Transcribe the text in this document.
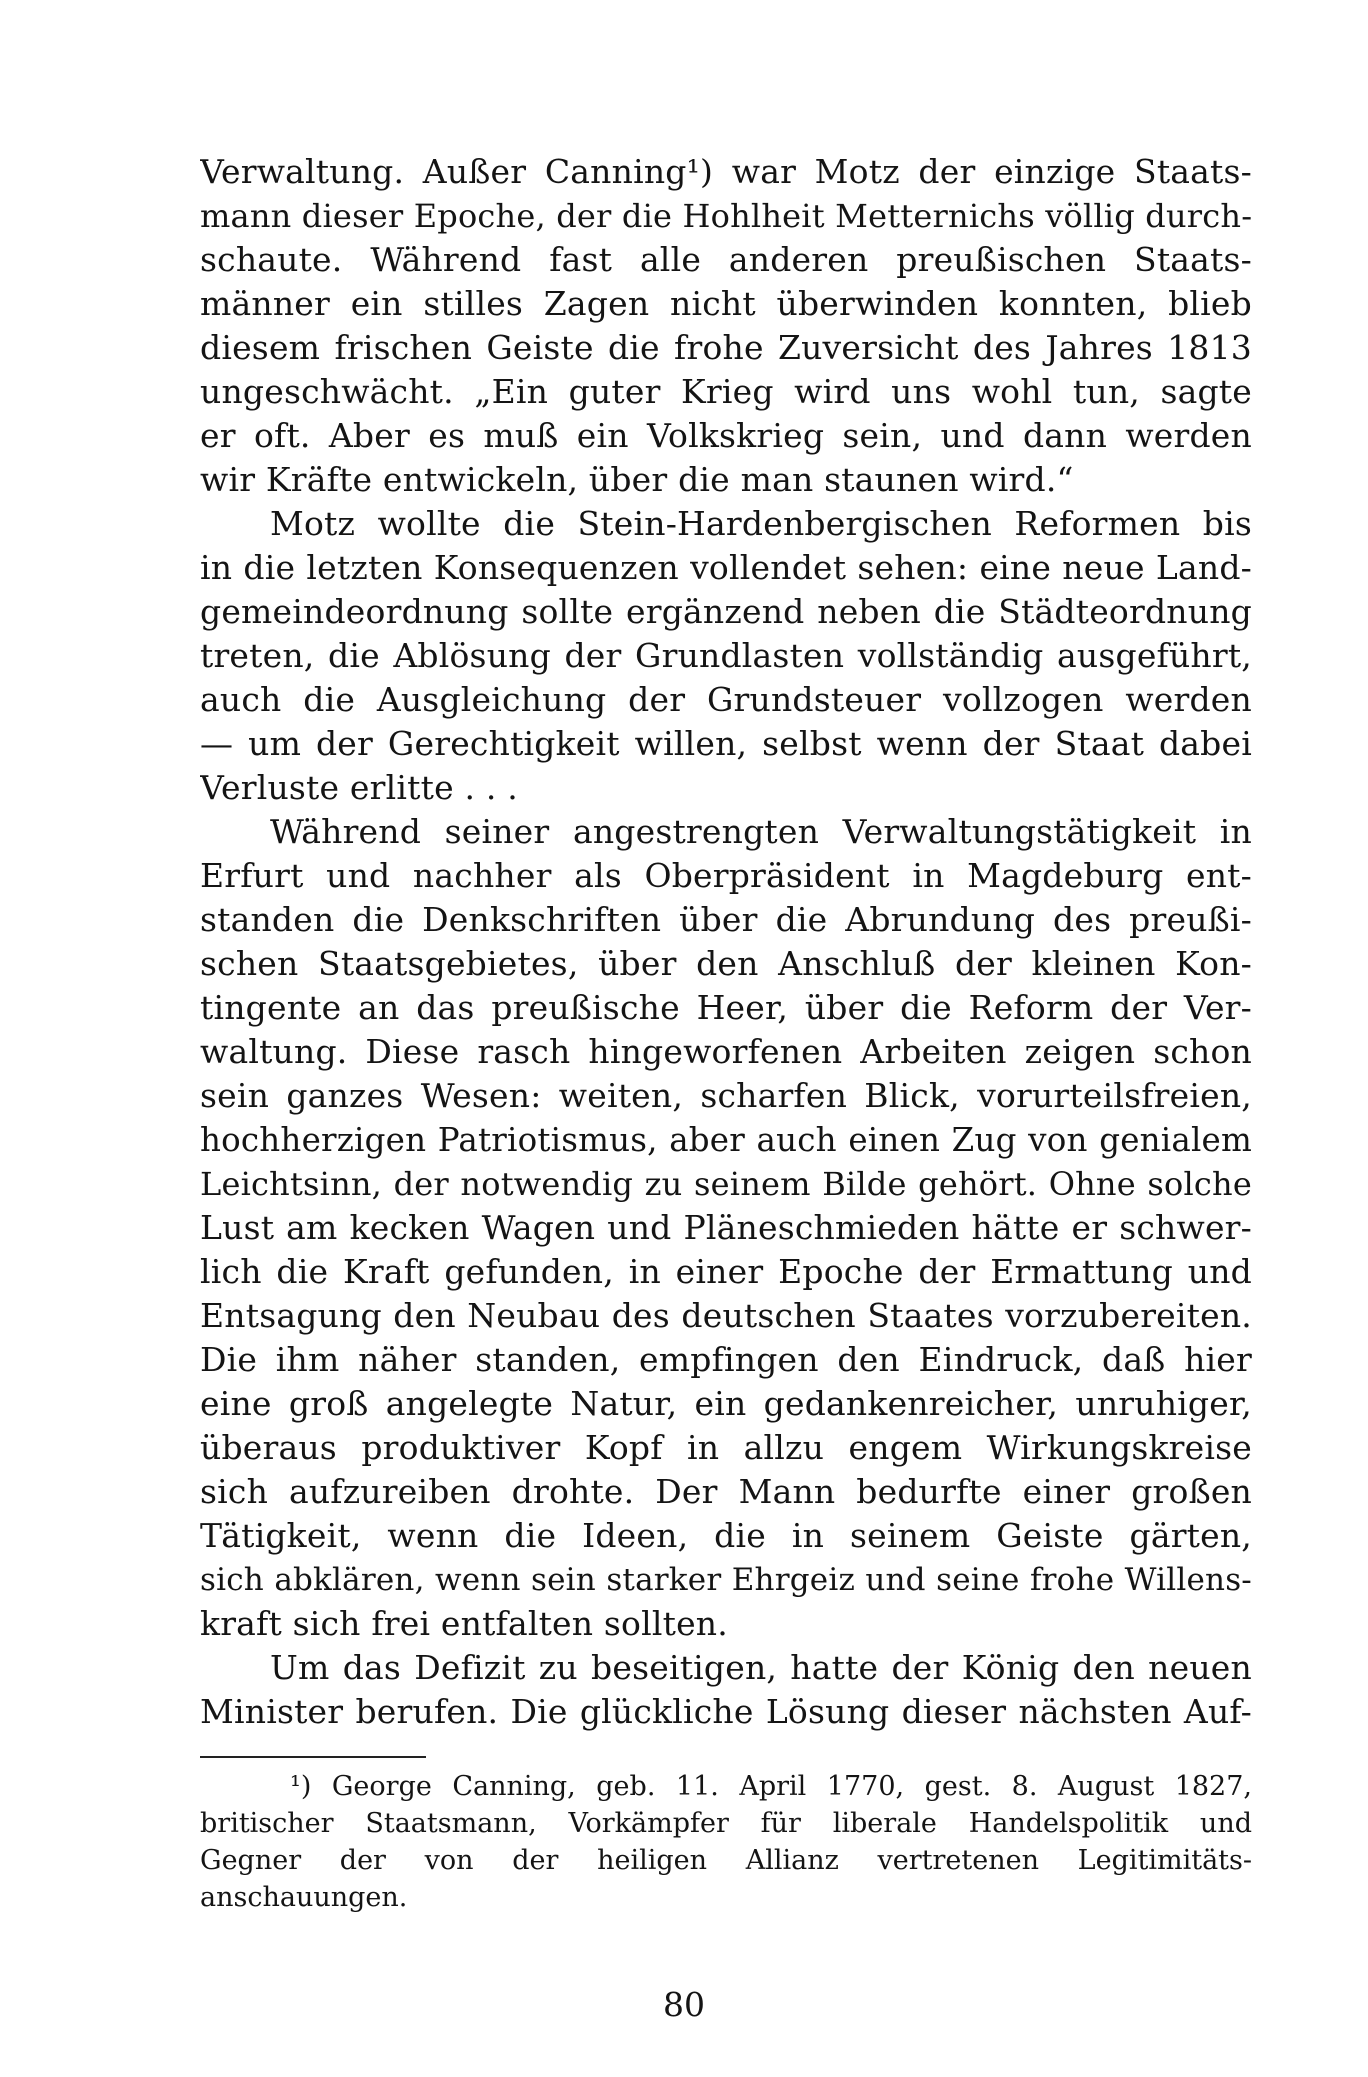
Verwaltung. Außer Canning¹) war Motz der einzige Staats-
mann dieser Epoche, der die Hohlheit Metternichs völlig durch-
schaute. Während fast alle anderen preußischen Staats-
männer ein stilles Zagen nicht überwinden konnten, blieb
diesem frischen Geiste die frohe Zuversicht des Jahres 1813
ungeschwächt. „Ein guter Krieg wird uns wohl tun, sagte
er oft. Aber es muß ein Volkskrieg sein, und dann werden
wir Kräfte entwickeln, über die man staunen wird.“
Motz wollte die Stein-Hardenbergischen Reformen bis
in die letzten Konsequenzen vollendet sehen: eine neue Land-
gemeindeordnung sollte ergänzend neben die Städteordnung
treten, die Ablösung der Grundlasten vollständig ausgeführt,
auch die Ausgleichung der Grundsteuer vollzogen werden
— um der Gerechtigkeit willen, selbst wenn der Staat dabei
Verluste erlitte . . .
Während seiner angestrengten Verwaltungstätigkeit in
Erfurt und nachher als Oberpräsident in Magdeburg ent-
standen die Denkschriften über die Abrundung des preußi-
schen Staatsgebietes, über den Anschluß der kleinen Kon-
tingente an das preußische Heer, über die Reform der Ver-
waltung. Diese rasch hingeworfenen Arbeiten zeigen schon
sein ganzes Wesen: weiten, scharfen Blick, vorurteilsfreien,
hochherzigen Patriotismus, aber auch einen Zug von genialem
Leichtsinn, der notwendig zu seinem Bilde gehört. Ohne solche
Lust am kecken Wagen und Pläneschmieden hätte er schwer-
lich die Kraft gefunden, in einer Epoche der Ermattung und
Entsagung den Neubau des deutschen Staates vorzubereiten.
Die ihm näher standen, empfingen den Eindruck, daß hier
eine groß angelegte Natur, ein gedankenreicher, unruhiger,
überaus produktiver Kopf in allzu engem Wirkungskreise
sich aufzureiben drohte. Der Mann bedurfte einer großen
Tätigkeit, wenn die Ideen, die in seinem Geiste gärten,
sich abklären, wenn sein starker Ehrgeiz und seine frohe Willens-
kraft sich frei entfalten sollten.
Um das Defizit zu beseitigen, hatte der König den neuen
Minister berufen. Die glückliche Lösung dieser nächsten Auf-
¹) George Canning, geb. 11. April 1770, gest. 8. August 1827,
britischer Staatsmann, Vorkämpfer für liberale Handelspolitik und
Gegner der von der heiligen Allianz vertretenen Legitimitäts-
anschauungen.
80
